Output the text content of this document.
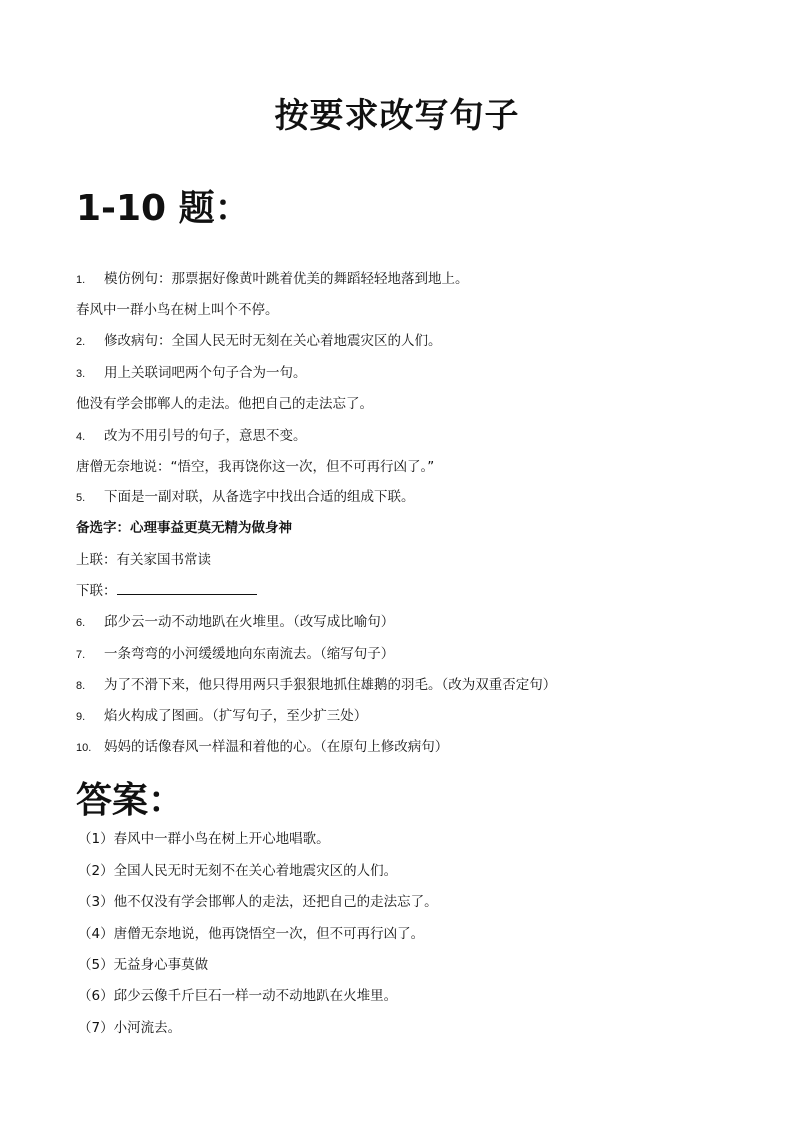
按要求改写句子
1-10 题：
1. 模仿例句：那票据好像黄叶跳着优美的舞蹈轻轻地落到地上。
春风中一群小鸟在树上叫个不停。
2. 修改病句：全国人民无时无刻在关心着地震灾区的人们。
3. 用上关联词吧两个句子合为一句。
他没有学会邯郸人的走法。他把自己的走法忘了。
4. 改为不用引号的句子，意思不变。
唐僧无奈地说：“悟空，我再饶你这一次，但不可再行凶了。”
5. 下面是一副对联，从备选字中找出合适的组成下联。
备选字：心理事益更莫无精为做身神
上联：有关家国书常读
下联：
6. 邱少云一动不动地趴在火堆里。（改写成比喻句）
7. 一条弯弯的小河缓缓地向东南流去。（缩写句子）
8. 为了不滑下来，他只得用两只手狠狠地抓住雄鹅的羽毛。（改为双重否定句）
9. 焰火构成了图画。（扩写句子，至少扩三处）
10. 妈妈的话像春风一样温和着他的心。（在原句上修改病句）
答案：
（1）春风中一群小鸟在树上开心地唱歌。
（2）全国人民无时无刻不在关心着地震灾区的人们。
（3）他不仅没有学会邯郸人的走法，还把自己的走法忘了。
（4）唐僧无奈地说，他再饶悟空一次，但不可再行凶了。
（5）无益身心事莫做
（6）邱少云像千斤巨石一样一动不动地趴在火堆里。
（7）小河流去。
